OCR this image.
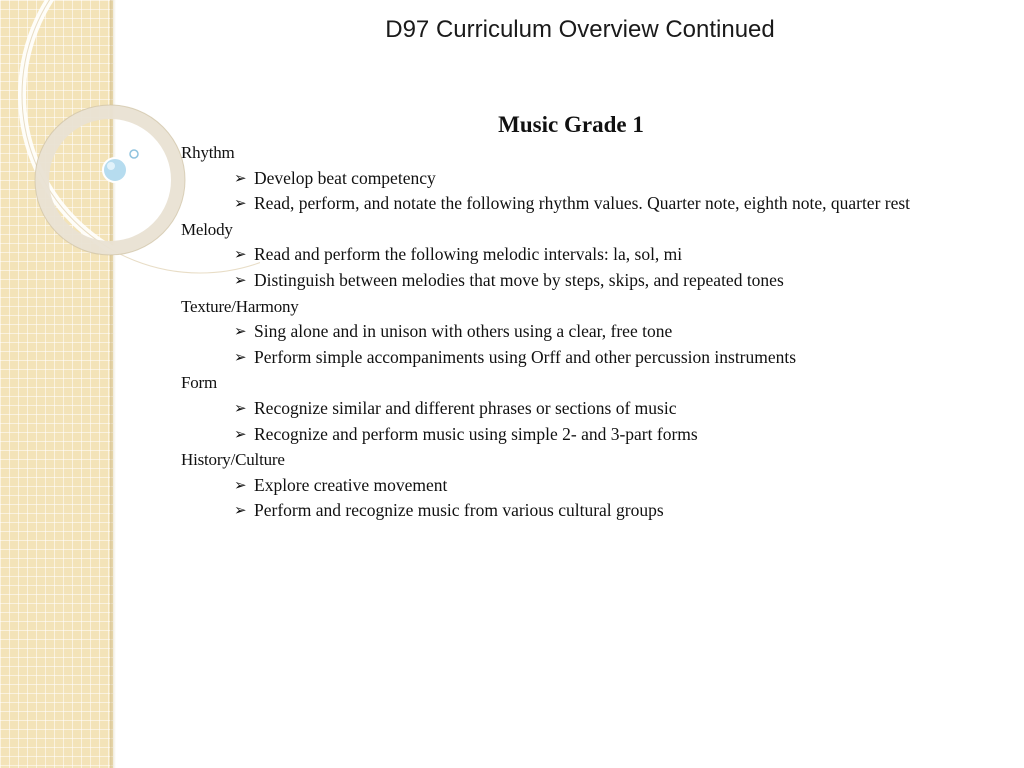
D97 Curriculum Overview Continued
Music Grade 1
Rhythm
➢ Develop beat competency
➢ Read, perform, and notate the following rhythm values. Quarter note, eighth note, quarter rest
Melody
➢ Read and perform the following melodic intervals: la, sol, mi
➢ Distinguish between melodies that move by steps, skips, and repeated tones
Texture/Harmony
➢ Sing alone and in unison with others using a clear, free tone
➢ Perform simple accompaniments using Orff and other percussion instruments
Form
➢ Recognize similar and different phrases or sections of music
➢ Recognize and perform music using simple 2- and 3-part forms
History/Culture
➢ Explore creative movement
➢ Perform and recognize music from various cultural groups
